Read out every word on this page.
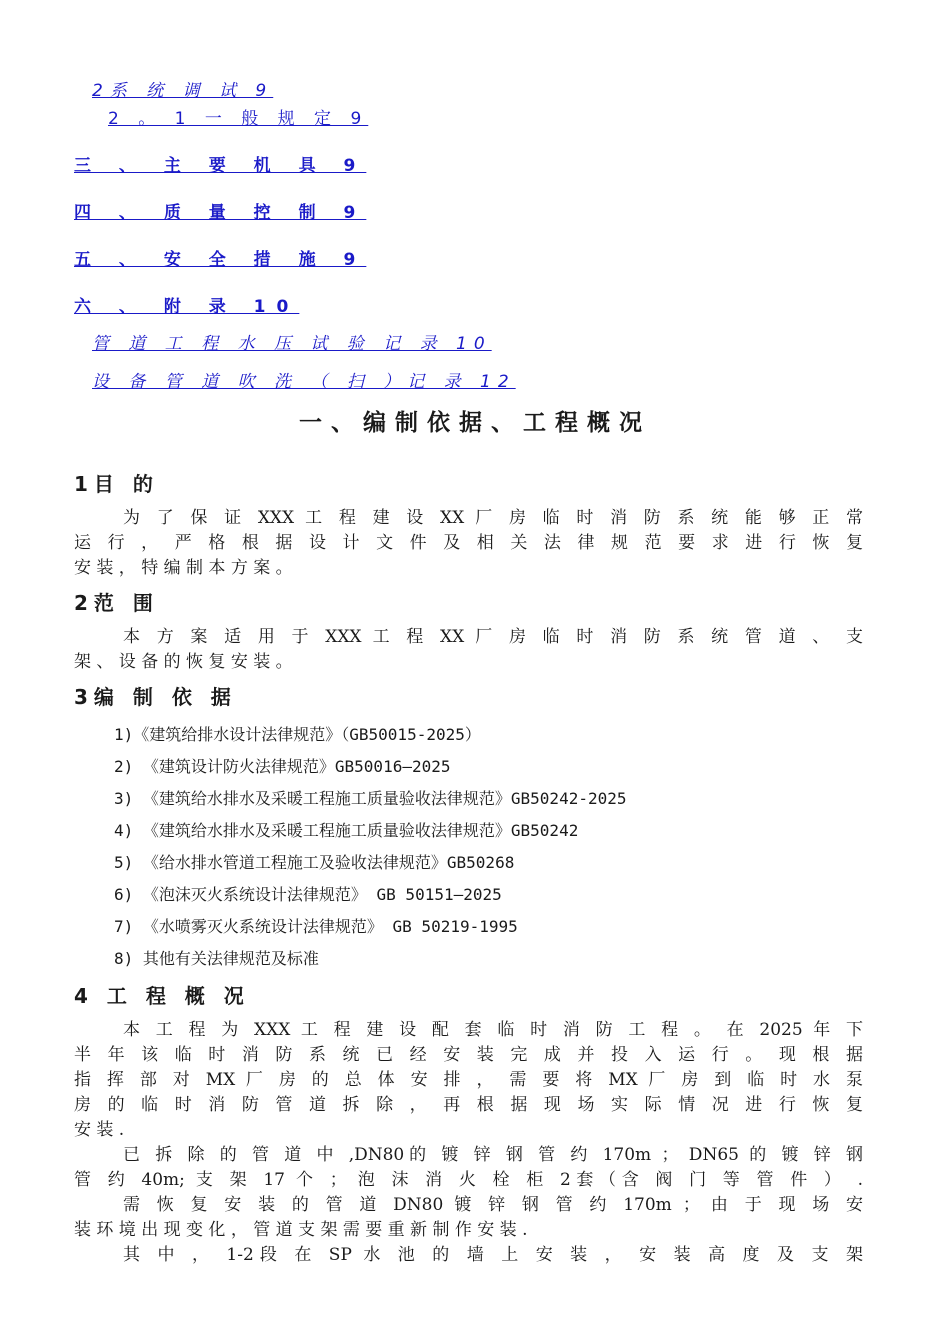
2系 统 调 试 9
2 。 1 一 般 规 定 9
三 、 主 要 机 具 9
四 、 质 量 控 制 9
五 、 安 全 措 施 9
六 、 附 录 10
管 道 工 程 水 压 试 验 记 录 10
设 备 管 道 吹 洗 （ 扫 ）记 录 12
一、编制依据、工程概况
1目 的
为 了 保 证 XXX 工 程 建 设 XX 厂 房 临 时 消 防 系 统 能 够 正 常
运 行 ， 严 格 根 据 设 计 文 件 及 相 关 法 律 规 范 要 求 进 行 恢 复
安 装 ， 特 编 制 本 方 案 。
2范 围
本 方 案 适 用 于 XXX 工 程 XX 厂 房 临 时 消 防 系 统 管 道 、 支
架 、 设 备 的 恢 复 安 装 。
3编 制 依 据
1)《建筑给排水设计法律规范》（GB50015-2025）
2) 《建筑设计防火法律规范》GB50016—2025
3) 《建筑给水排水及采暖工程施工质量验收法律规范》GB50242-2025
4) 《建筑给水排水及采暖工程施工质量验收法律规范》GB50242
5) 《给水排水管道工程施工及验收法律规范》GB50268
6) 《泡沫灭火系统设计法律规范》 GB 50151—2025
7) 《水喷雾灭火系统设计法律规范》 GB 50219-1995
8) 其他有关法律规范及标准
4 工 程 概 况
本 工 程 为 XXX 工 程 建 设 配 套 临 时 消 防 工 程 。 在 2025 年 下
半 年 该 临 时 消 防 系 统 已 经 安 装 完 成 并 投 入 运 行 。 现 根 据
指 挥 部 对 MX 厂 房 的 总 体 安 排 ， 需 要 将 MX 厂 房 到 临 时 水 泵
房 的 临 时 消 防 管 道 拆 除 ， 再 根 据 现 场 实 际 情 况 进 行 恢 复
安 装 .
已 拆 除 的 管 道 中 ,DN80的 镀 锌 钢 管 约 170m ； DN65 的 镀 锌 钢
管 约 40m; 支 架 17 个 ； 泡 沫 消 火 栓 柜 2套（含 阀 门 等 管 件 ） .
需 恢 复 安 装 的 管 道 DN80 镀 锌 钢 管 约 170m ； 由 于 现 场 安
装 环 境 出 现 变 化 ， 管 道 支 架 需 要 重 新 制 作 安 装 .
其 中 ， 1-2段 在 SP 水 池 的 墙 上 安 装 ， 安 装 高 度 及 支 架
